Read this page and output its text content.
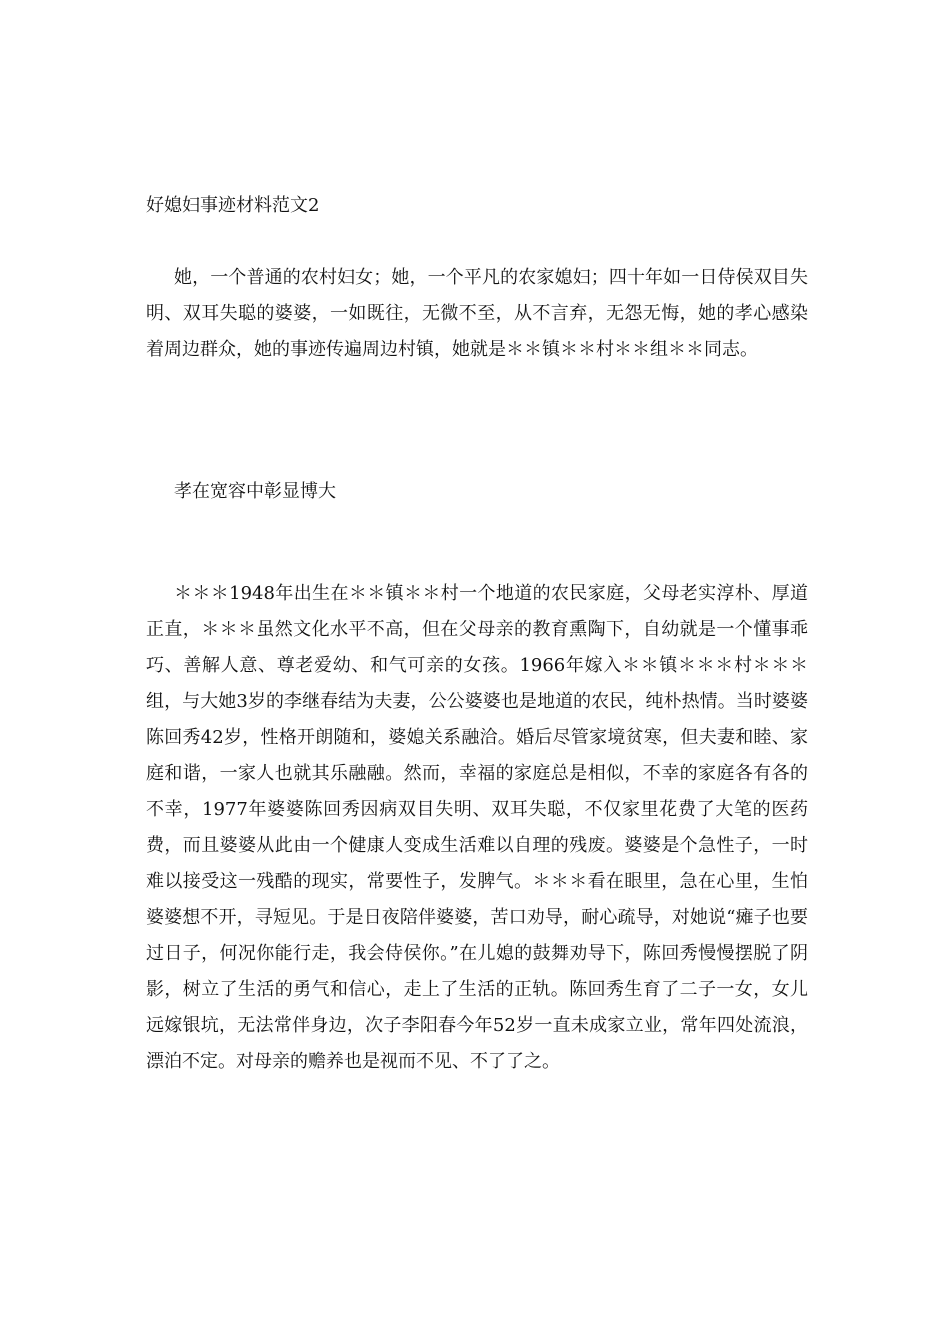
好媳妇事迹材料范文2

她，一个普通的农村妇女；她，一个平凡的农家媳妇；四十年如一日侍侯双目失明、双耳失聪的婆婆，一如既往，无微不至，从不言弃，无怨无悔，她的孝心感染着周边群众，她的事迹传遍周边村镇，她就是＊＊镇＊＊村＊＊组＊＊同志。

孝在宽容中彰显博大

＊＊＊1948年出生在＊＊镇＊＊村一个地道的农民家庭，父母老实淳朴、厚道正直，＊＊＊虽然文化水平不高，但在父母亲的教育熏陶下，自幼就是一个懂事乖巧、善解人意、尊老爱幼、和气可亲的女孩。1966年嫁入＊＊镇＊＊＊村＊＊＊组，与大她3岁的李继春结为夫妻，公公婆婆也是地道的农民，纯朴热情。当时婆婆陈回秀42岁，性格开朗随和，婆媳关系融洽。婚后尽管家境贫寒，但夫妻和睦、家庭和谐，一家人也就其乐融融。然而，幸福的家庭总是相似，不幸的家庭各有各的不幸，1977年婆婆陈回秀因病双目失明、双耳失聪，不仅家里花费了大笔的医药费，而且婆婆从此由一个健康人变成生活难以自理的残废。婆婆是个急性子，一时难以接受这一残酷的现实，常要性子，发脾气。＊＊＊看在眼里，急在心里，生怕婆婆想不开，寻短见。于是日夜陪伴婆婆，苦口劝导，耐心疏导，对她说“瘫子也要过日子，何况你能行走，我会侍侯你。”在儿媳的鼓舞劝导下，陈回秀慢慢摆脱了阴影，树立了生活的勇气和信心，走上了生活的正轨。陈回秀生育了二子一女，女儿远嫁银坑，无法常伴身边，次子李阳春今年52岁一直未成家立业，常年四处流浪，漂泊不定。对母亲的赡养也是视而不见、不了了之。
